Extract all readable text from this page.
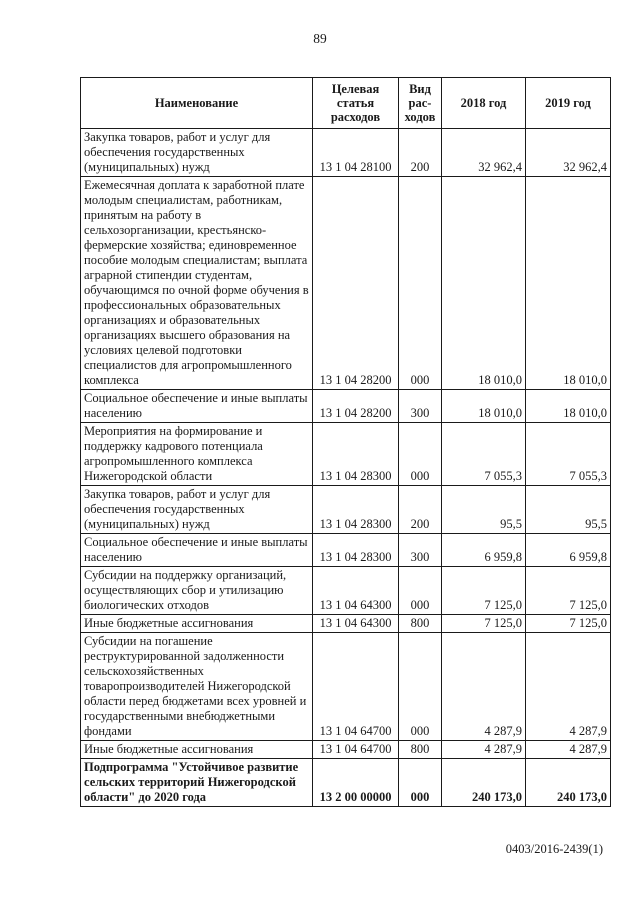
89
Наименование	Целевая статья расходов	Вид рас-ходов	2018 год	2019 год
Закупка товаров, работ и услуг для обеспечения государственных (муниципальных) нужд	13 1 04 28100	200	32 962,4	32 962,4
Ежемесячная доплата к заработной плате молодым специалистам, работникам, принятым на работу в сельхозорганизации, крестьянско-фермерские хозяйства; единовременное пособие молодым специалистам; выплата аграрной стипендии студентам, обучающимся по очной форме обучения в профессиональных образовательных организациях и образовательных организациях высшего образования на условиях целевой подготовки специалистов для агропромышленного комплекса	13 1 04 28200	000	18 010,0	18 010,0
Социальное обеспечение и иные выплаты населению	13 1 04 28200	300	18 010,0	18 010,0
Мероприятия на формирование и поддержку кадрового потенциала агропромышленного комплекса Нижегородской области	13 1 04 28300	000	7 055,3	7 055,3
Закупка товаров, работ и услуг для обеспечения государственных (муниципальных) нужд	13 1 04 28300	200	95,5	95,5
Социальное обеспечение и иные выплаты населению	13 1 04 28300	300	6 959,8	6 959,8
Субсидии на поддержку организаций, осуществляющих сбор и утилизацию биологических отходов	13 1 04 64300	000	7 125,0	7 125,0
Иные бюджетные ассигнования	13 1 04 64300	800	7 125,0	7 125,0
Субсидии на погашение реструктурированной задолженности сельскохозяйственных товаропроизводителей Нижегородской области перед бюджетами всех уровней и государственными внебюджетными фондами	13 1 04 64700	000	4 287,9	4 287,9
Иные бюджетные ассигнования	13 1 04 64700	800	4 287,9	4 287,9
Подпрограмма "Устойчивое развитие сельских территорий Нижегородской области" до 2020 года	13 2 00 00000	000	240 173,0	240 173,0
0403/2016-2439(1)
